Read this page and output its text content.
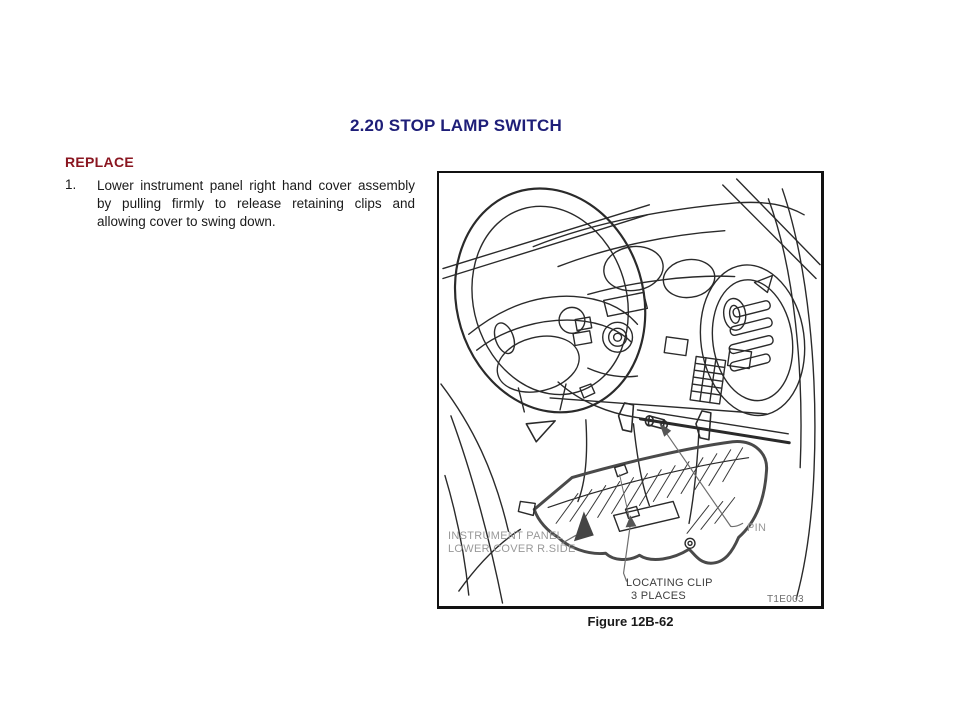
2.20 STOP LAMP SWITCH
REPLACE
1. Lower instrument panel right hand cover assembly by pulling firmly to release retaining clips and allowing cover to swing down.
INSTRUMENT PANEL
LOWER COVER R.SIDE
PIN
LOCATING CLIP
3 PLACES	T1E003
Figure 12B-62
